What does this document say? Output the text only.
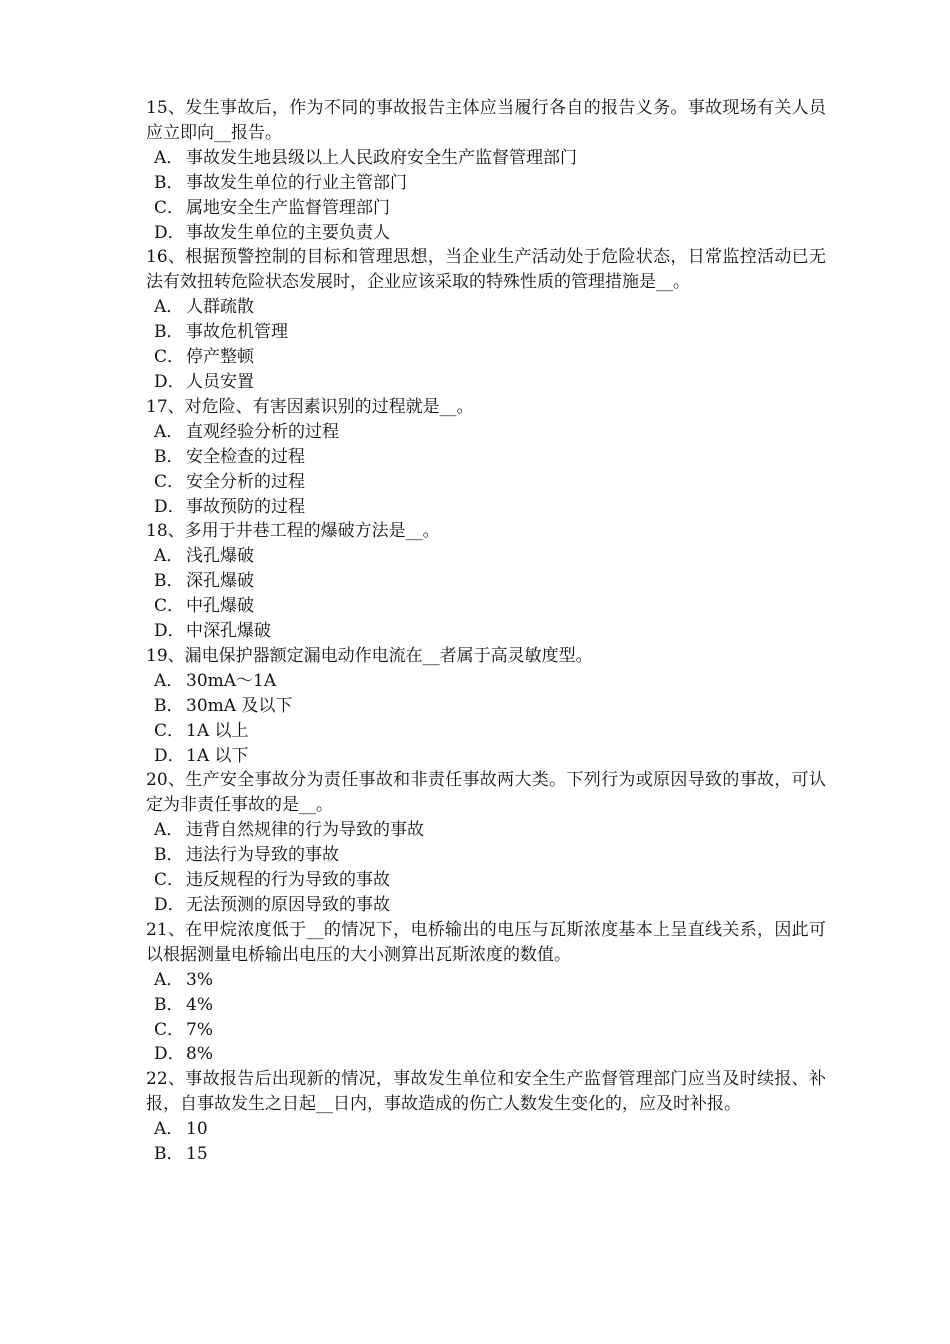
15、发生事故后，作为不同的事故报告主体应当履行各自的报告义务。事故现场有关人员应立即向__报告。

A． 事故发生地县级以上人民政府安全生产监督管理部门

B． 事故发生单位的行业主管部门

C． 属地安全生产监督管理部门

D．事故发生单位的主要负责人

16、根据预警控制的目标和管理思想，当企业生产活动处于危险状态，日常监控活动已无法有效扭转危险状态发展时，企业应该采取的特殊性质的管理措施是__。

A． 人群疏散

B． 事故危机管理

C． 停产整顿

D．人员安置

17、对危险、有害因素识别的过程就是__。

A． 直观经验分析的过程

B． 安全检查的过程

C． 安全分析的过程

D．事故预防的过程

18、多用于井巷工程的爆破方法是__。

A． 浅孔爆破

B． 深孔爆破

C． 中孔爆破

D．中深孔爆破

19、漏电保护器额定漏电动作电流在__者属于高灵敏度型。

A． 30mA～1A

B． 30mA 及以下

C． 1A 以上

D．1A 以下

20、生产安全事故分为责任事故和非责任事故两大类。下列行为或原因导致的事故，可认定为非责任事故的是__。

A． 违背自然规律的行为导致的事故

B． 违法行为导致的事故

C． 违反规程的行为导致的事故

D．无法预测的原因导致的事故

21、在甲烷浓度低于__的情况下，电桥输出的电压与瓦斯浓度基本上呈直线关系，因此可以根据测量电桥输出电压的大小测算出瓦斯浓度的数值。

A． 3%

B． 4%

C． 7%

D．8%

22、事故报告后出现新的情况，事故发生单位和安全生产监督管理部门应当及时续报、补报，自事故发生之日起__日内，事故造成的伤亡人数发生变化的，应及时补报。

A． 10

B． 15
